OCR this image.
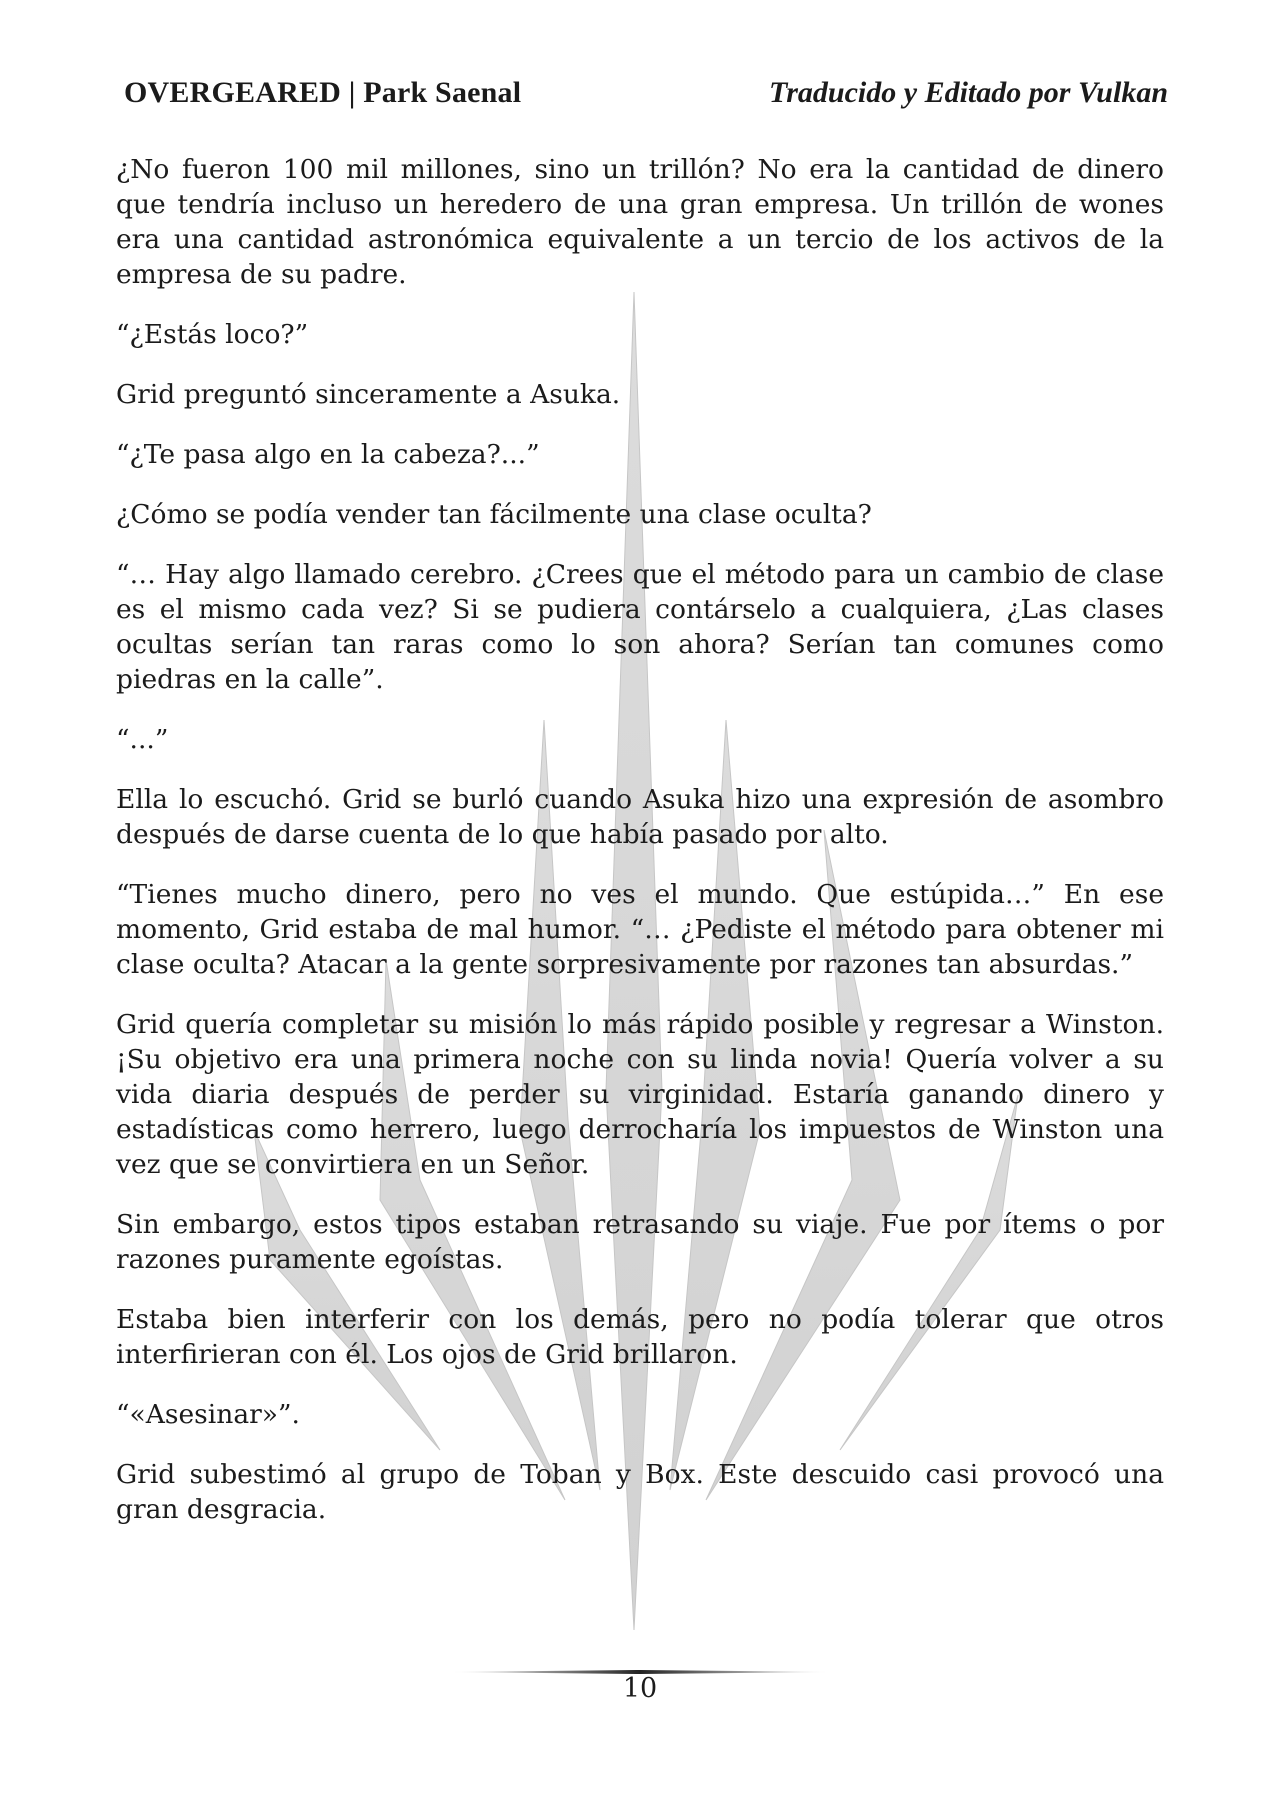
OVERGEARED | Park Saenal	Traducido y Editado por Vulkan

¿No fueron 100 mil millones, sino un trillón? No era la cantidad de dinero que tendría incluso un heredero de una gran empresa. Un trillón de wones era una cantidad astronómica equivalente a un tercio de los activos de la empresa de su padre.

“¿Estás loco?”

Grid preguntó sinceramente a Asuka.

“¿Te pasa algo en la cabeza?...”

¿Cómo se podía vender tan fácilmente una clase oculta?

“… Hay algo llamado cerebro. ¿Crees que el método para un cambio de clase es el mismo cada vez? Si se pudiera contárselo a cualquiera, ¿Las clases ocultas serían tan raras como lo son ahora? Serían tan comunes como piedras en la calle”.

“...”

Ella lo escuchó. Grid se burló cuando Asuka hizo una expresión de asombro después de darse cuenta de lo que había pasado por alto.

“Tienes mucho dinero, pero no ves el mundo. Que estúpida…” En ese momento, Grid estaba de mal humor. “… ¿Pediste el método para obtener mi clase oculta? Atacar a la gente sorpresivamente por razones tan absurdas.”

Grid quería completar su misión lo más rápido posible y regresar a Winston. ¡Su objetivo era una primera noche con su linda novia! Quería volver a su vida diaria después de perder su virginidad. Estaría ganando dinero y estadísticas como herrero, luego derrocharía los impuestos de Winston una vez que se convirtiera en un Señor.

Sin embargo, estos tipos estaban retrasando su viaje. Fue por ítems o por razones puramente egoístas.

Estaba bien interferir con los demás, pero no podía tolerar que otros interfirieran con él. Los ojos de Grid brillaron.

“«Asesinar»”.

Grid subestimó al grupo de Toban y Box. Este descuido casi provocó una gran desgracia.

10
